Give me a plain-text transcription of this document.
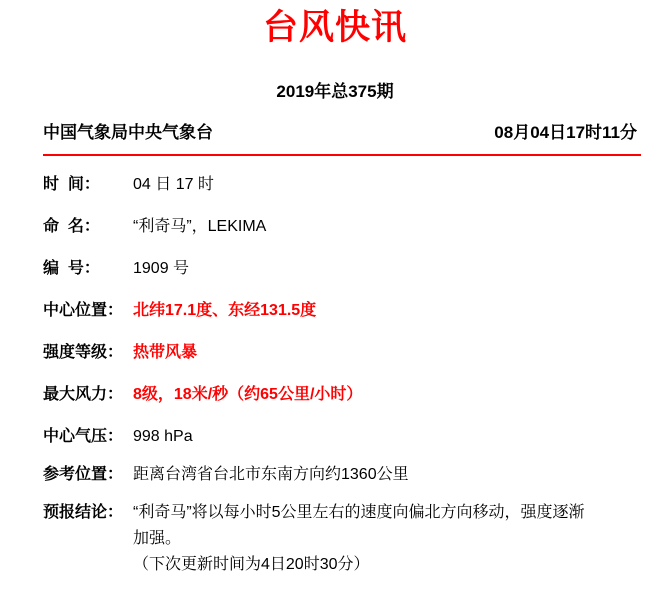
台风快讯
2019年总375期
中国气象局中央气象台	08月04日17时11分
时  间：	04 日 17 时
命  名：	“利奇马”，LEKIMA
编  号：	1909 号
中心位置： 北纬17.1度、东经131.5度
强度等级： 热带风暴
最大风力： 8级，18米/秒（约65公里/小时）
中心气压： 998 hPa
参考位置： 距离台湾省台北市东南方向约1360公里
预报结论： “利奇马”将以每小时5公里左右的速度向偏北方向移动，强度逐渐
加强。
（下次更新时间为4日20时30分）
